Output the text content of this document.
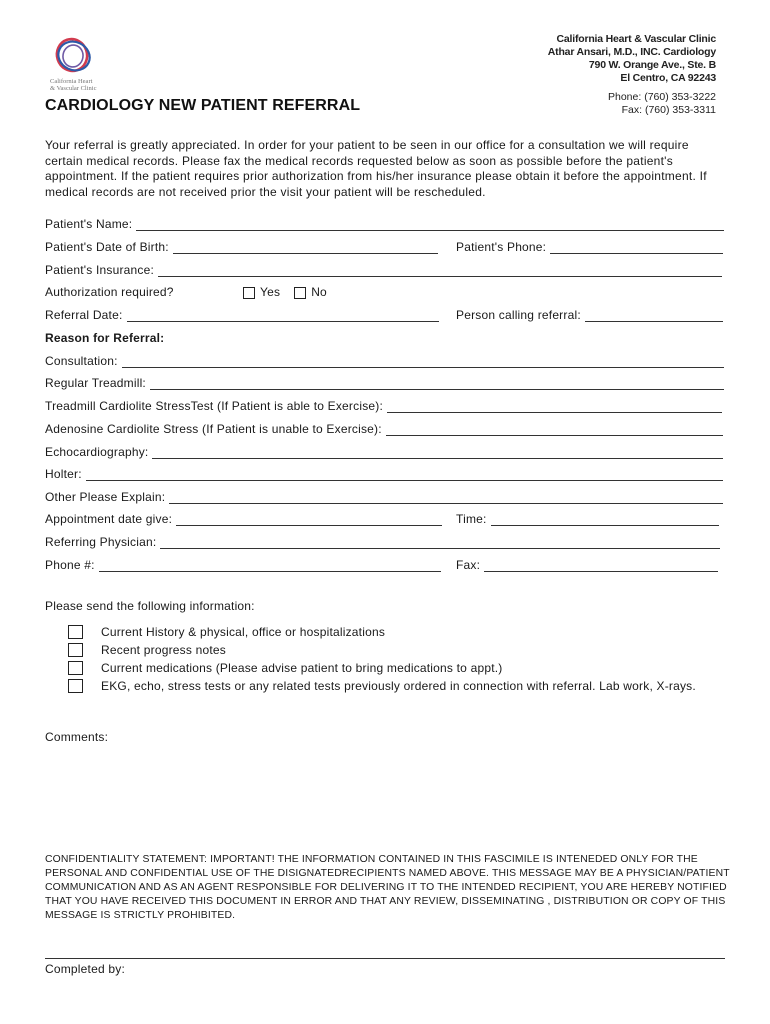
California Heart
& Vascular Clinic
California Heart & Vascular Clinic
Athar Ansari, M.D., INC. Cardiology
790 W. Orange Ave., Ste. B
El Centro, CA 92243
Phone: (760) 353-3222
Fax: (760) 353-3311
CARDIOLOGY NEW PATIENT REFERRAL
Your referral is greatly appreciated. In order for your patient to be seen in our office for a consultation we will require certain medical records. Please fax the medical records requested below as soon as possible before the patient's appointment. If the patient requires prior authorization from his/her insurance please obtain it before the appointment. If medical records are not received prior the visit your patient will be rescheduled.
Patient's Name:
Patient's Date of Birth:	Patient's Phone:
Patient's Insurance:
Authorization required?	Yes	No
Referral Date:	Person calling referral:
Reason for Referral:
Consultation:
Regular Treadmill:
Treadmill Cardiolite StressTest (If Patient is able to Exercise):
Adenosine Cardiolite Stress (If Patient is unable to Exercise):
Echocardiography:
Holter:
Other Please Explain:
Appointment date give:	Time:
Referring Physician:
Phone #:	Fax:
Please send the following information:
Current History & physical, office or hospitalizations
Recent progress notes
Current medications (Please advise patient to bring medications to appt.)
EKG, echo, stress tests or any related tests previously ordered in connection with referral. Lab work, X-rays.
Comments:
CONFIDENTIALITY STATEMENT: IMPORTANT! THE INFORMATION CONTAINED IN THIS FASCIMILE IS INTENEDED ONLY FOR THE PERSONAL AND CONFIDENTIAL USE OF THE DISIGNATEDRECIPIENTS NAMED ABOVE. THIS MESSAGE MAY BE A PHYSICIAN/PATIENT COMMUNICATION AND AS AN AGENT RESPONSIBLE FOR DELIVERING IT TO THE INTENDED RECIPIENT, YOU ARE HEREBY NOTIFIED THAT YOU HAVE RECEIVED THIS DOCUMENT IN ERROR AND THAT ANY REVIEW, DISSEMINATING , DISTRIBUTION OR COPY OF THIS MESSAGE IS STRICTLY PROHIBITED.
Completed by:
